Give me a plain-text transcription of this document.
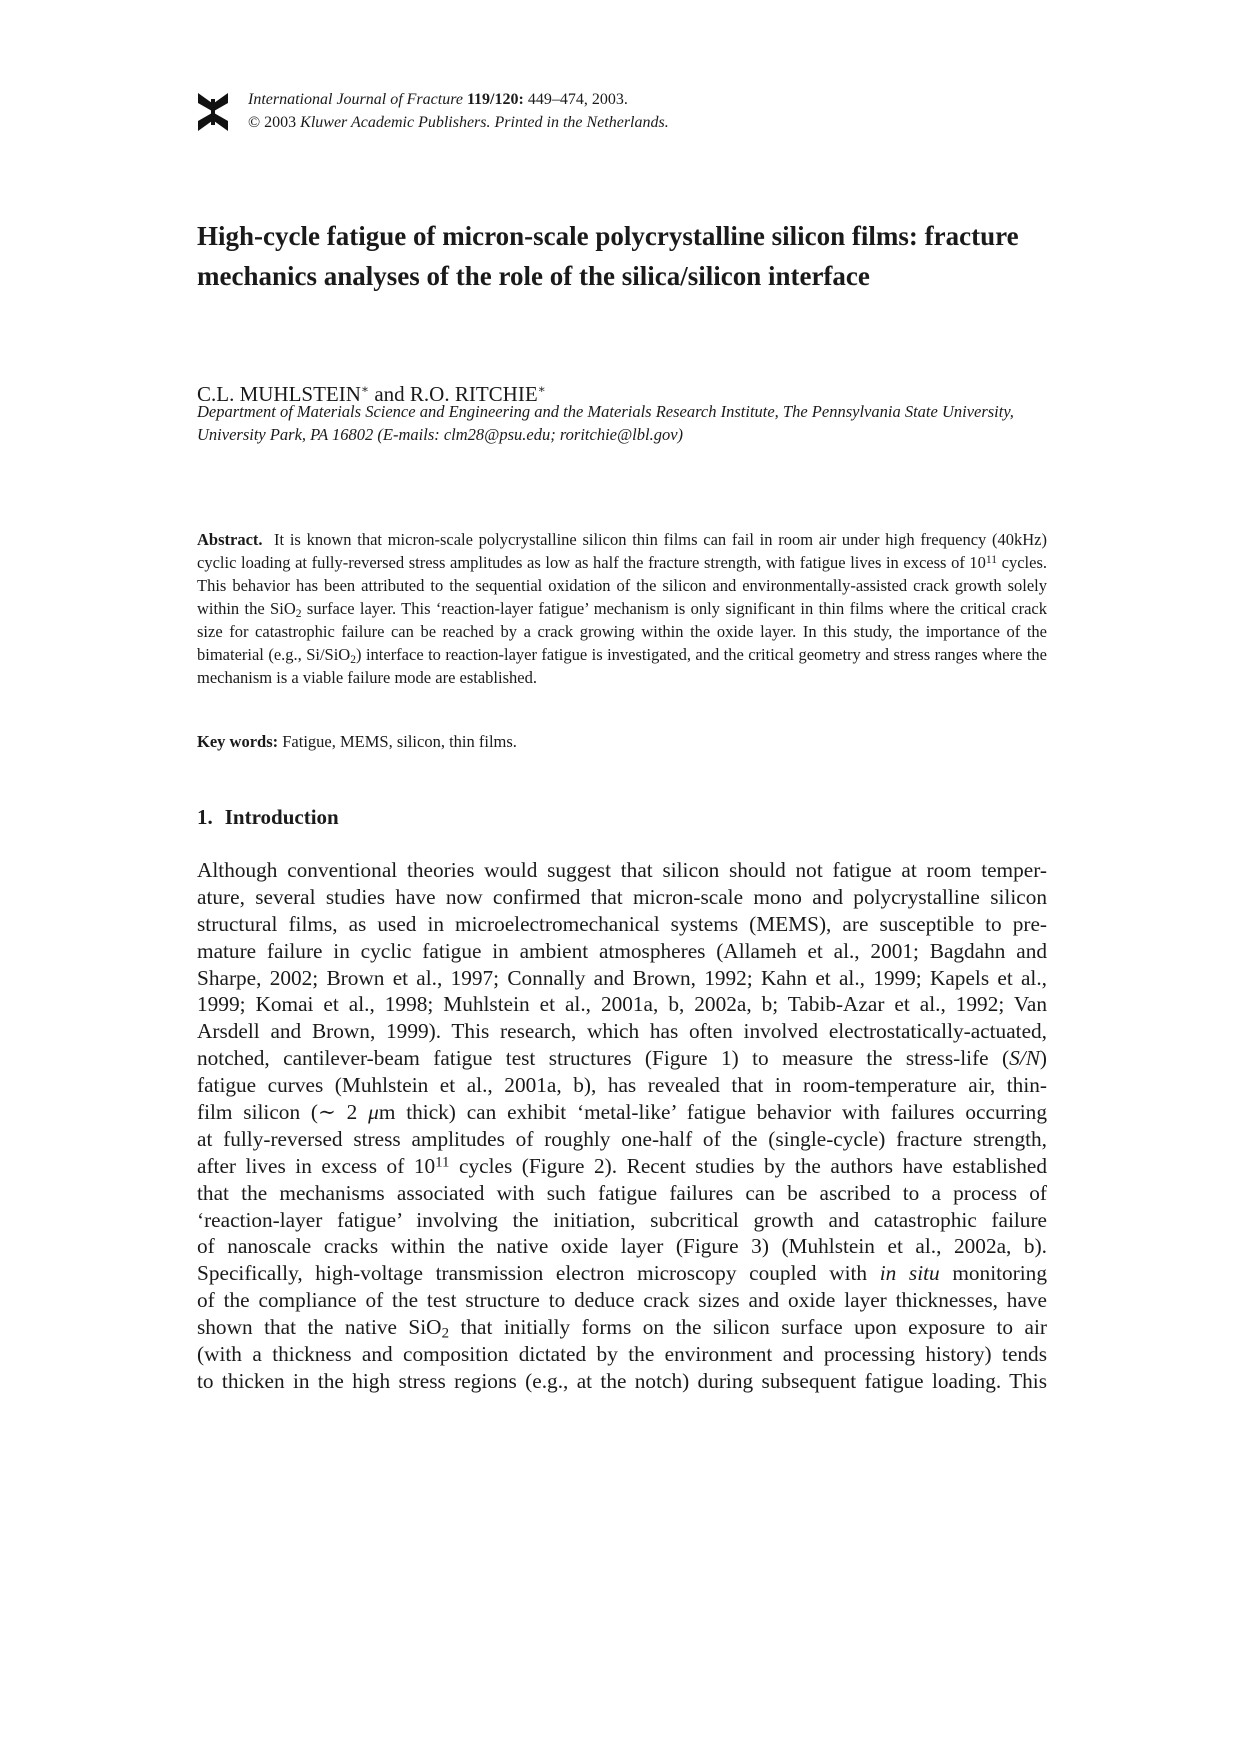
International Journal of Fracture 119/120: 449–474, 2003.
© 2003 Kluwer Academic Publishers. Printed in the Netherlands.
High-cycle fatigue of micron-scale polycrystalline silicon films: fracture mechanics analyses of the role of the silica/silicon interface
C.L. MUHLSTEIN∗ and R.O. RITCHIE∗
Department of Materials Science and Engineering and the Materials Research Institute, The Pennsylvania State University, University Park, PA 16802 (E-mails: clm28@psu.edu; roritchie@lbl.gov)
Abstract. It is known that micron-scale polycrystalline silicon thin films can fail in room air under high frequency (40kHz) cyclic loading at fully-reversed stress amplitudes as low as half the fracture strength, with fatigue lives in excess of $10^{11}$ cycles. This behavior has been attributed to the sequential oxidation of the silicon and environmentally-assisted crack growth solely within the SiO$_2$ surface layer. This ‘reaction-layer fatigue’ mechanism is only significant in thin films where the critical crack size for catastrophic failure can be reached by a crack growing within the oxide layer. In this study, the importance of the bimaterial (e.g., Si/SiO$_2$) interface to reaction-layer fatigue is investigated, and the critical geometry and stress ranges where the mechanism is a viable failure mode are established.
Key words: Fatigue, MEMS, silicon, thin films.
1. Introduction
Although conventional theories would suggest that silicon should not fatigue at room temper-
ature, several studies have now confirmed that micron-scale mono and polycrystalline silicon
structural films, as used in microelectromechanical systems (MEMS), are susceptible to pre-
mature failure in cyclic fatigue in ambient atmospheres (Allameh et al., 2001; Bagdahn and
Sharpe, 2002; Brown et al., 1997; Connally and Brown, 1992; Kahn et al., 1999; Kapels et al.,
1999; Komai et al., 1998; Muhlstein et al., 2001a, b, 2002a, b; Tabib-Azar et al., 1992; Van
Arsdell and Brown, 1999). This research, which has often involved electrostatically-actuated,
notched, cantilever-beam fatigue test structures (Figure 1) to measure the stress-life (S/N)
fatigue curves (Muhlstein et al., 2001a, b), has revealed that in room-temperature air, thin-
film silicon (∼ 2 μm thick) can exhibit ‘metal-like’ fatigue behavior with failures occurring
at fully-reversed stress amplitudes of roughly one-half of the (single-cycle) fracture strength,
after lives in excess of $10^{11}$ cycles (Figure 2). Recent studies by the authors have established
that the mechanisms associated with such fatigue failures can be ascribed to a process of
‘reaction-layer fatigue’ involving the initiation, subcritical growth and catastrophic failure
of nanoscale cracks within the native oxide layer (Figure 3) (Muhlstein et al., 2002a, b).
Specifically, high-voltage transmission electron microscopy coupled with in situ monitoring
of the compliance of the test structure to deduce crack sizes and oxide layer thicknesses, have
shown that the native SiO$_2$ that initially forms on the silicon surface upon exposure to air
(with a thickness and composition dictated by the environment and processing history) tends
to thicken in the high stress regions (e.g., at the notch) during subsequent fatigue loading. This
